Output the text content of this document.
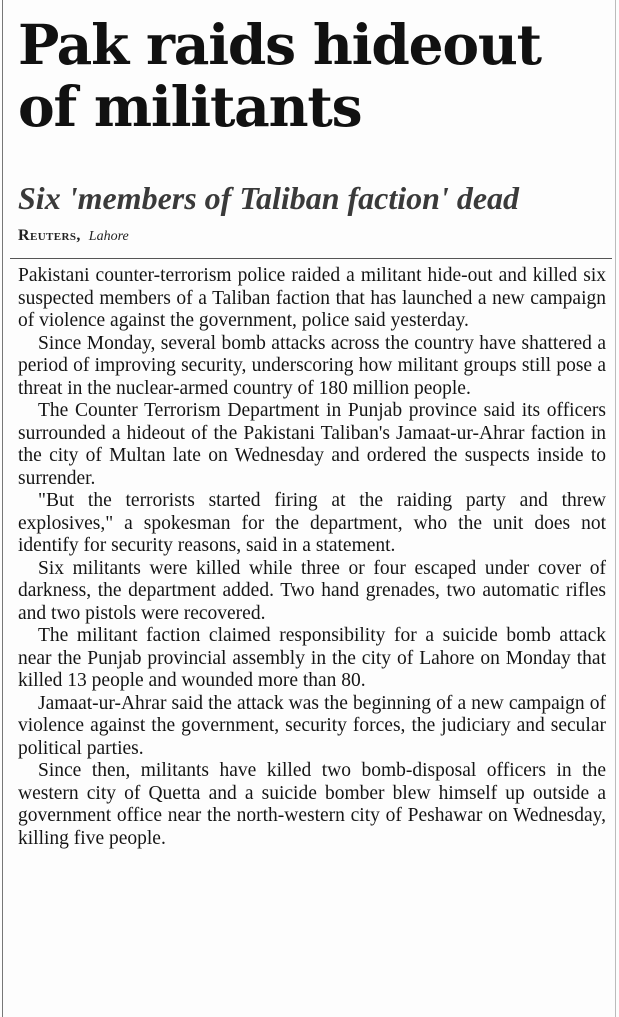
Pak raids hideout of militants
Six 'members of Taliban faction' dead
Reuters, Lahore

Pakistani counter-terrorism police raided a militant hide-out and killed six suspected members of a Taliban faction that has launched a new campaign of violence against the government, police said yesterday.

Since Monday, several bomb attacks across the country have shattered a period of improving security, underscoring how militant groups still pose a threat in the nuclear-armed country of 180 million people.

The Counter Terrorism Department in Punjab province said its officers surrounded a hideout of the Pakistani Taliban's Jamaat-ur-Ahrar faction in the city of Multan late on Wednesday and ordered the suspects inside to surrender.

"But the terrorists started firing at the raiding party and threw explosives," a spokesman for the department, who the unit does not identify for security reasons, said in a statement.

Six militants were killed while three or four escaped under cover of darkness, the department added. Two hand grenades, two automatic rifles and two pistols were recovered.

The militant faction claimed responsibility for a suicide bomb attack near the Punjab provincial assembly in the city of Lahore on Monday that killed 13 people and wounded more than 80.

Jamaat-ur-Ahrar said the attack was the beginning of a new campaign of violence against the government, security forces, the judiciary and secular political parties.

Since then, militants have killed two bomb-disposal officers in the western city of Quetta and a suicide bomber blew himself up outside a government office near the north-western city of Peshawar on Wednesday, killing five people.
